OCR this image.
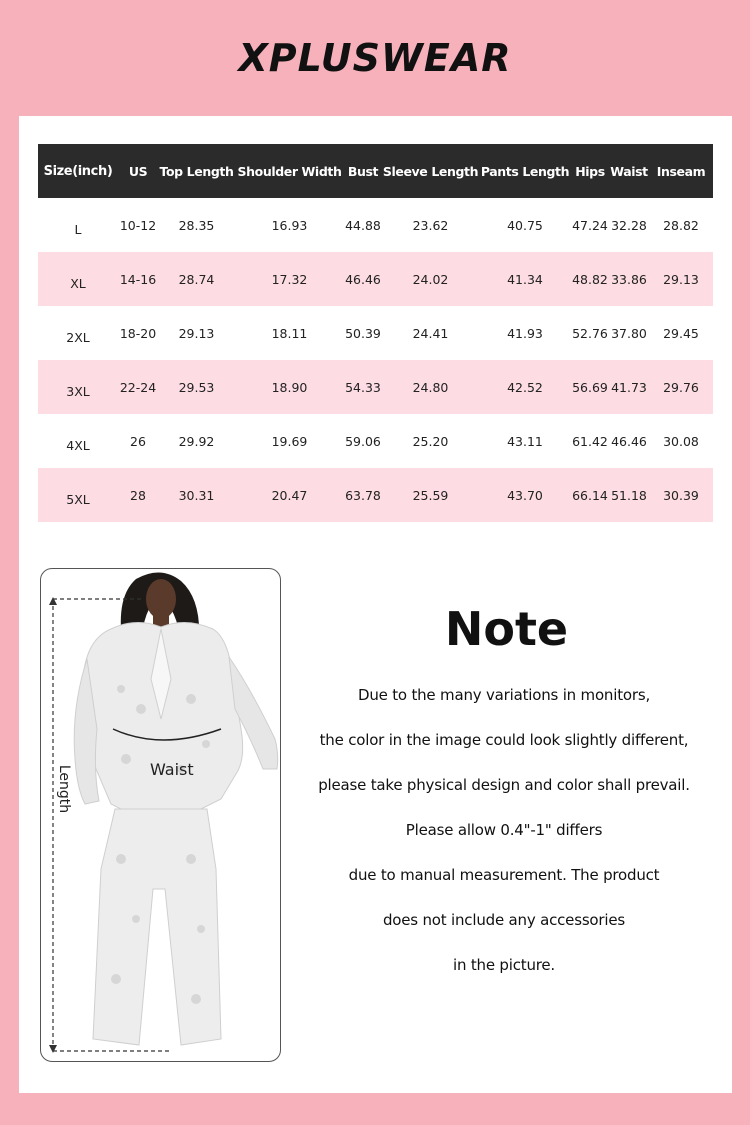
XPLUSWEAR
Size(inch)	US	Top Length	Shoulder Width	Bust	Sleeve Length	Pants Length	Hips	Waist	Inseam
L	10-12	28.35	16.93	44.88	23.62	40.75	47.24	32.28	28.82
XL	14-16	28.74	17.32	46.46	24.02	41.34	48.82	33.86	29.13
2XL	18-20	29.13	18.11	50.39	24.41	41.93	52.76	37.80	29.45
3XL	22-24	29.53	18.90	54.33	24.80	42.52	56.69	41.73	29.76
4XL	26	29.92	19.69	59.06	25.20	43.11	61.42	46.46	30.08
5XL	28	30.31	20.47	63.78	25.59	43.70	66.14	51.18	30.39
Waist
Length
Note
Due to the many variations in monitors,
the color in the image could look slightly different,
please take physical design and color shall prevail.
Please allow 0.4"-1" differs
due to manual measurement. The product
does not include any accessories
in the picture.
